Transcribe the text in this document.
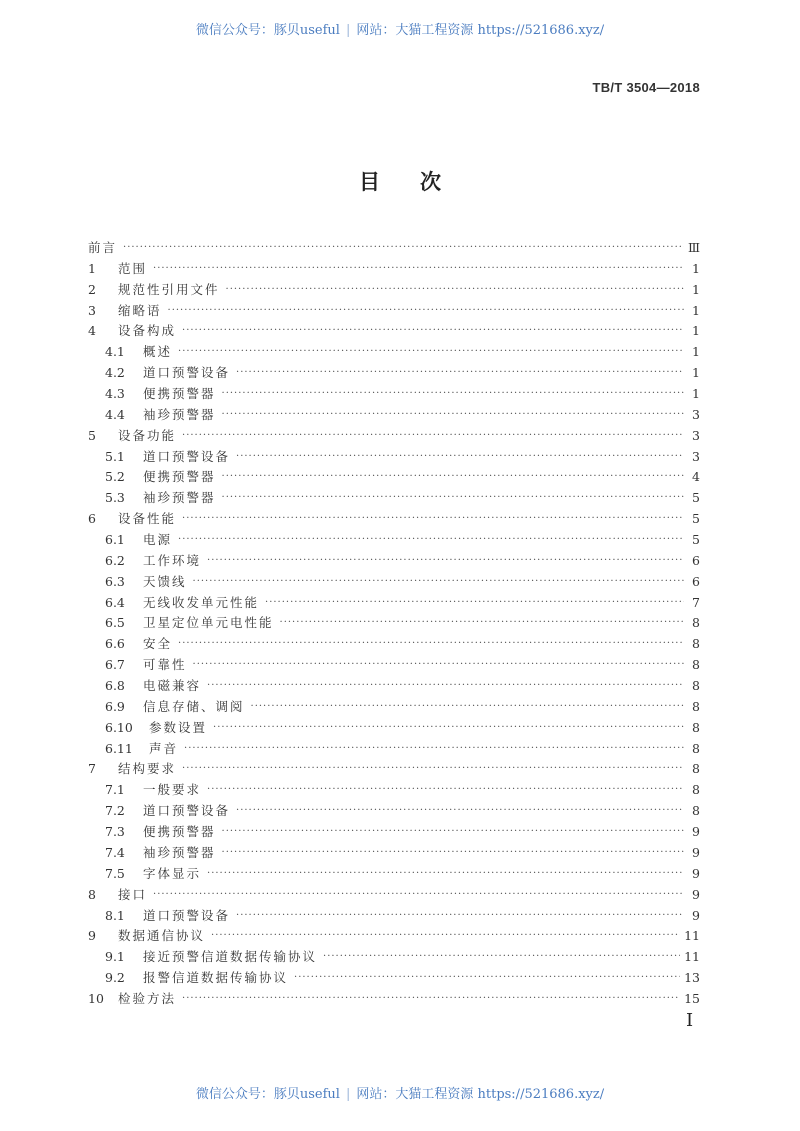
微信公众号：豚贝useful | 网站：大猫工程资源 https://521686.xyz/
TB/T 3504—2018
目次
前言 ·····	Ⅲ
1	范围 ·····	1
2	规范性引用文件 ·····	1
3	缩略语 ·····	1
4	设备构成 ·····	1
4.1	概述 ·····	1
4.2	道口预警设备 ·····	1
4.3	便携预警器 ·····	1
4.4	袖珍预警器 ·····	3
5	设备功能 ·····	3
5.1	道口预警设备 ·····	3
5.2	便携预警器 ·····	4
5.3	袖珍预警器 ·····	5
6	设备性能 ·····	5
6.1	电源 ·····	5
6.2	工作环境 ·····	6
6.3	天馈线 ·····	6
6.4	无线收发单元性能 ·····	7
6.5	卫星定位单元电性能 ·····	8
6.6	安全 ·····	8
6.7	可靠性 ·····	8
6.8	电磁兼容 ·····	8
6.9	信息存储、调阅 ·····	8
6.10	参数设置 ·····	8
6.11	声音 ·····	8
7	结构要求 ·····	8
7.1	一般要求 ·····	8
7.2	道口预警设备 ·····	8
7.3	便携预警器 ·····	9
7.4	袖珍预警器 ·····	9
7.5	字体显示 ·····	9
8	接口 ·····	9
8.1	道口预警设备 ·····	9
9	数据通信协议 ·····	11
9.1	接近预警信道数据传输协议 ·····	11
9.2	报警信道数据传输协议 ·····	13
10	检验方法 ·····	15
I
微信公众号：豚贝useful | 网站：大猫工程资源 https://521686.xyz/
